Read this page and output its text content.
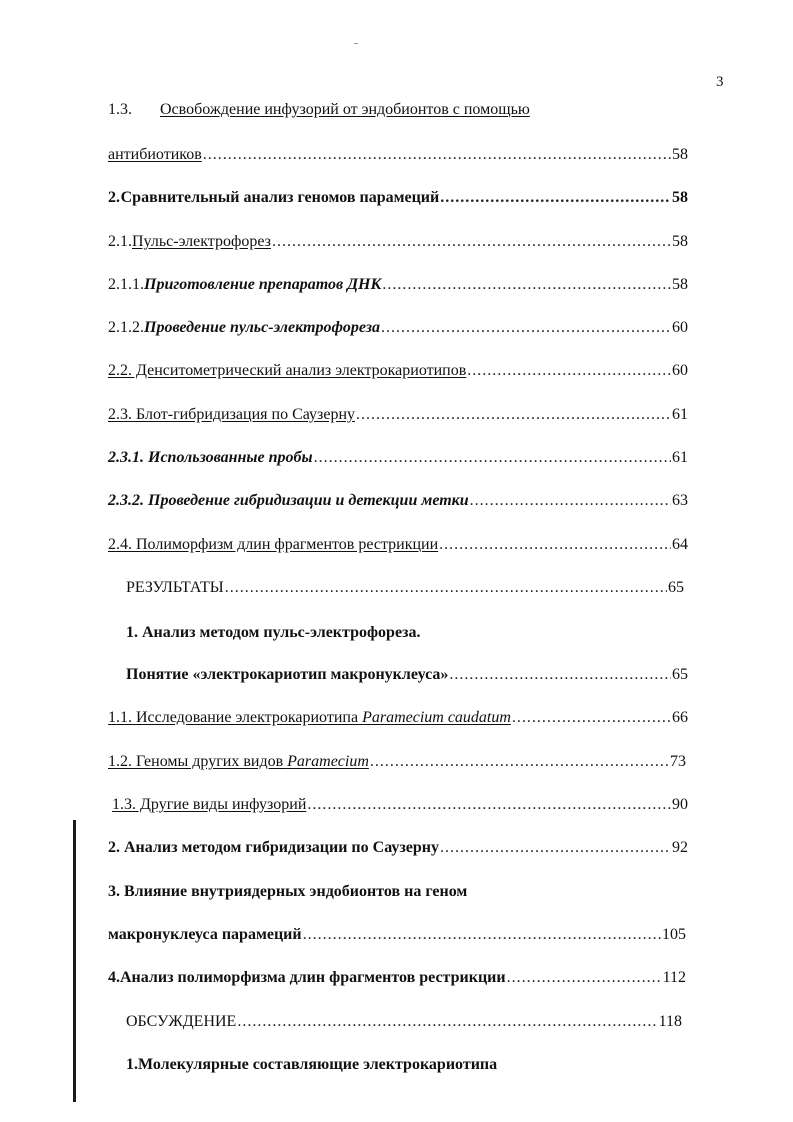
3
1.3.	Освобождение инфузорий от эндобионтов с помощью
антибиотиков .....	58
2. Сравнительный анализ геномов парамеций .....	58
2.1. Пульс-электрофорез .....	58
2.1.1. Приготовление препаратов ДНК .....	58
2.1.2. Проведение пульс-электрофореза .....	60
2.2. Денситометрический анализ электрокариотипов .....	60
2.3. Блот-гибридизация по Саузерну .....	61
2.3.1. Использованные пробы .....	61
2.3.2. Проведение гибридизации и детекции метки .....	63
2.4. Полиморфизм длин фрагментов рестрикции .....	64
РЕЗУЛЬТАТЫ .....	65
1. Анализ методом пульс-электрофореза.
Понятие «электрокариотип макронуклеуса» .....	65
1.1. Исследование электрокариотипа Paramecium caudatum .....	66
1.2. Геномы других видов Paramecium .....	73
1.3. Другие виды инфузорий .....	90
2. Анализ методом гибридизации по Саузерну .....	92
3. Влияние внутриядерных эндобионтов на геном
макронуклеуса парамеций .....	105
4.Анализ полиморфизма длин фрагментов рестрикции .....	112
ОБСУЖДЕНИЕ .....	118
1.Молекулярные составляющие электрокариотипа
